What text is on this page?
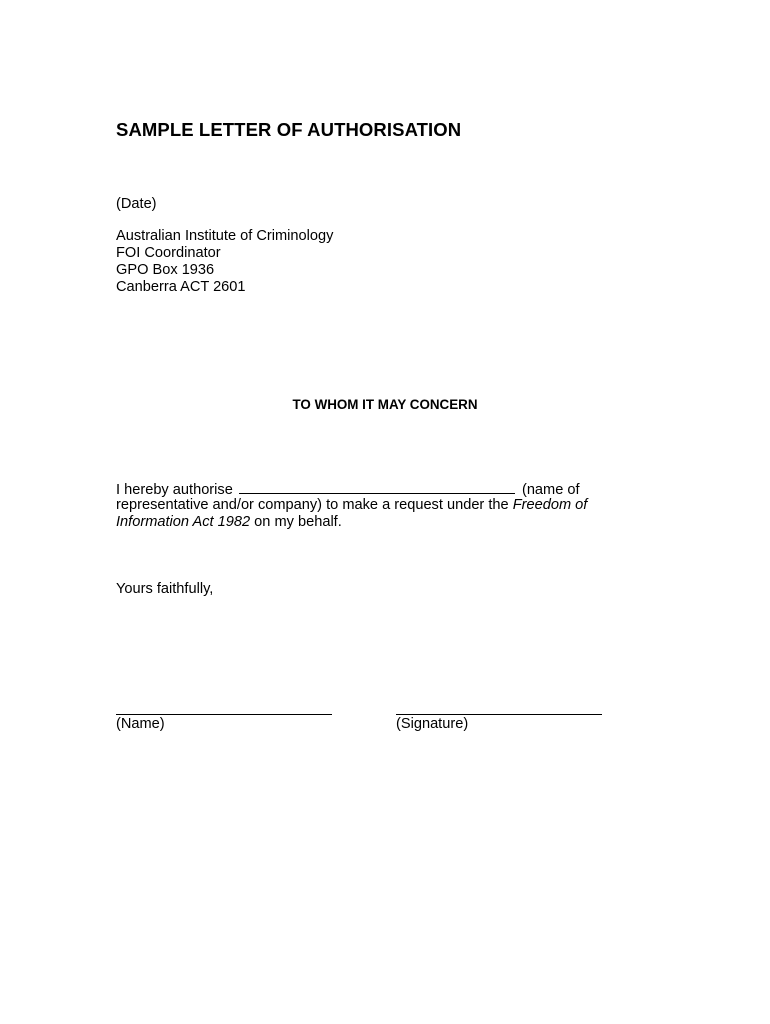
SAMPLE LETTER OF AUTHORISATION
(Date)
Australian Institute of Criminology
FOI Coordinator
GPO Box 1936
Canberra ACT 2601
TO WHOM IT MAY CONCERN
I hereby authorise	(name of
representative and/or company) to make a request under the Freedom of
Information Act 1982 on my behalf.
Yours faithfully,
(Name)	(Signature)
